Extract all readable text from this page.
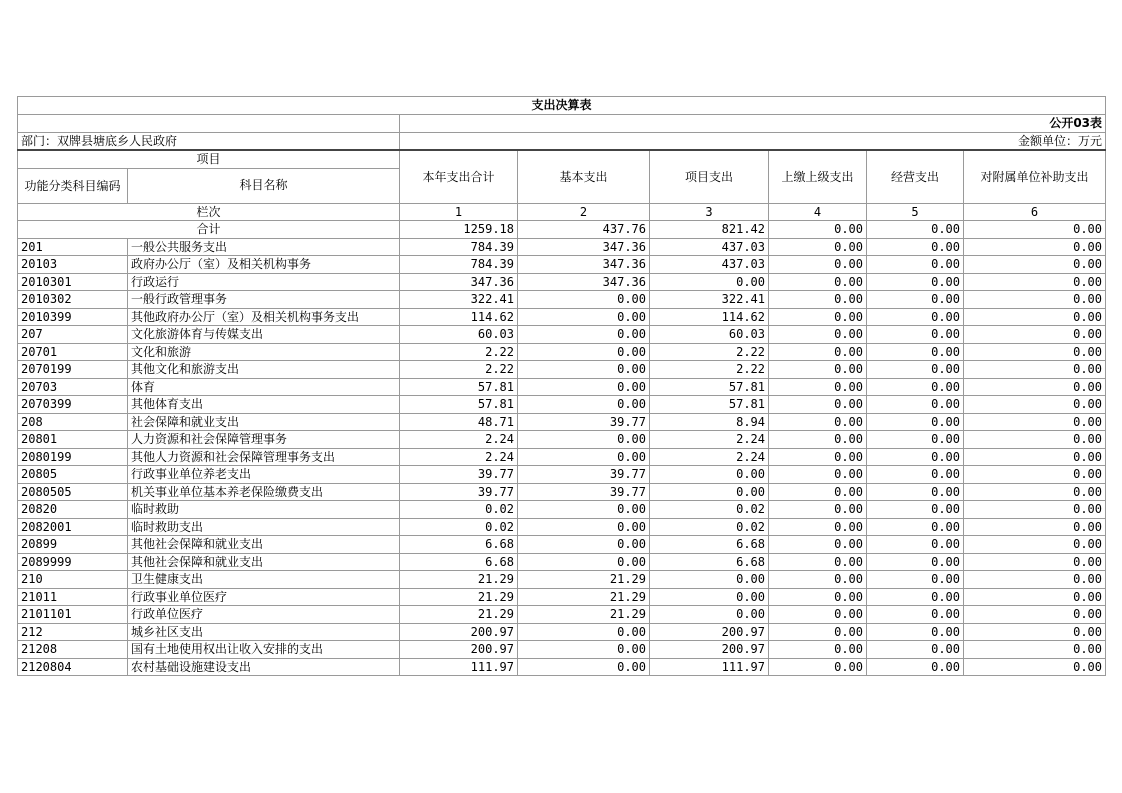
支出决算表							
		公开03表					
部门：双牌县塘底乡人民政府		金额单位：万元					
项目		本年支出合计	基本支出	项目支出	上缴上级支出	经营支出	对附属单位补助支出
功能分类科目编码	科目名称						
栏次		1	2	3	4	5	6
合计		1259.18	437.76	821.42	0.00	0.00	0.00
201	一般公共服务支出	784.39	347.36	437.03	0.00	0.00	0.00
20103	政府办公厅（室）及相关机构事务	784.39	347.36	437.03	0.00	0.00	0.00
2010301	行政运行	347.36	347.36	0.00	0.00	0.00	0.00
2010302	一般行政管理事务	322.41	0.00	322.41	0.00	0.00	0.00
2010399	其他政府办公厅（室）及相关机构事务支出	114.62	0.00	114.62	0.00	0.00	0.00
207	文化旅游体育与传媒支出	60.03	0.00	60.03	0.00	0.00	0.00
20701	文化和旅游	2.22	0.00	2.22	0.00	0.00	0.00
2070199	其他文化和旅游支出	2.22	0.00	2.22	0.00	0.00	0.00
20703	体育	57.81	0.00	57.81	0.00	0.00	0.00
2070399	其他体育支出	57.81	0.00	57.81	0.00	0.00	0.00
208	社会保障和就业支出	48.71	39.77	8.94	0.00	0.00	0.00
20801	人力资源和社会保障管理事务	2.24	0.00	2.24	0.00	0.00	0.00
2080199	其他人力资源和社会保障管理事务支出	2.24	0.00	2.24	0.00	0.00	0.00
20805	行政事业单位养老支出	39.77	39.77	0.00	0.00	0.00	0.00
2080505	机关事业单位基本养老保险缴费支出	39.77	39.77	0.00	0.00	0.00	0.00
20820	临时救助	0.02	0.00	0.02	0.00	0.00	0.00
2082001	临时救助支出	0.02	0.00	0.02	0.00	0.00	0.00
20899	其他社会保障和就业支出	6.68	0.00	6.68	0.00	0.00	0.00
2089999	其他社会保障和就业支出	6.68	0.00	6.68	0.00	0.00	0.00
210	卫生健康支出	21.29	21.29	0.00	0.00	0.00	0.00
21011	行政事业单位医疗	21.29	21.29	0.00	0.00	0.00	0.00
2101101	行政单位医疗	21.29	21.29	0.00	0.00	0.00	0.00
212	城乡社区支出	200.97	0.00	200.97	0.00	0.00	0.00
21208	国有土地使用权出让收入安排的支出	200.97	0.00	200.97	0.00	0.00	0.00
2120804	农村基础设施建设支出	111.97	0.00	111.97	0.00	0.00	0.00
